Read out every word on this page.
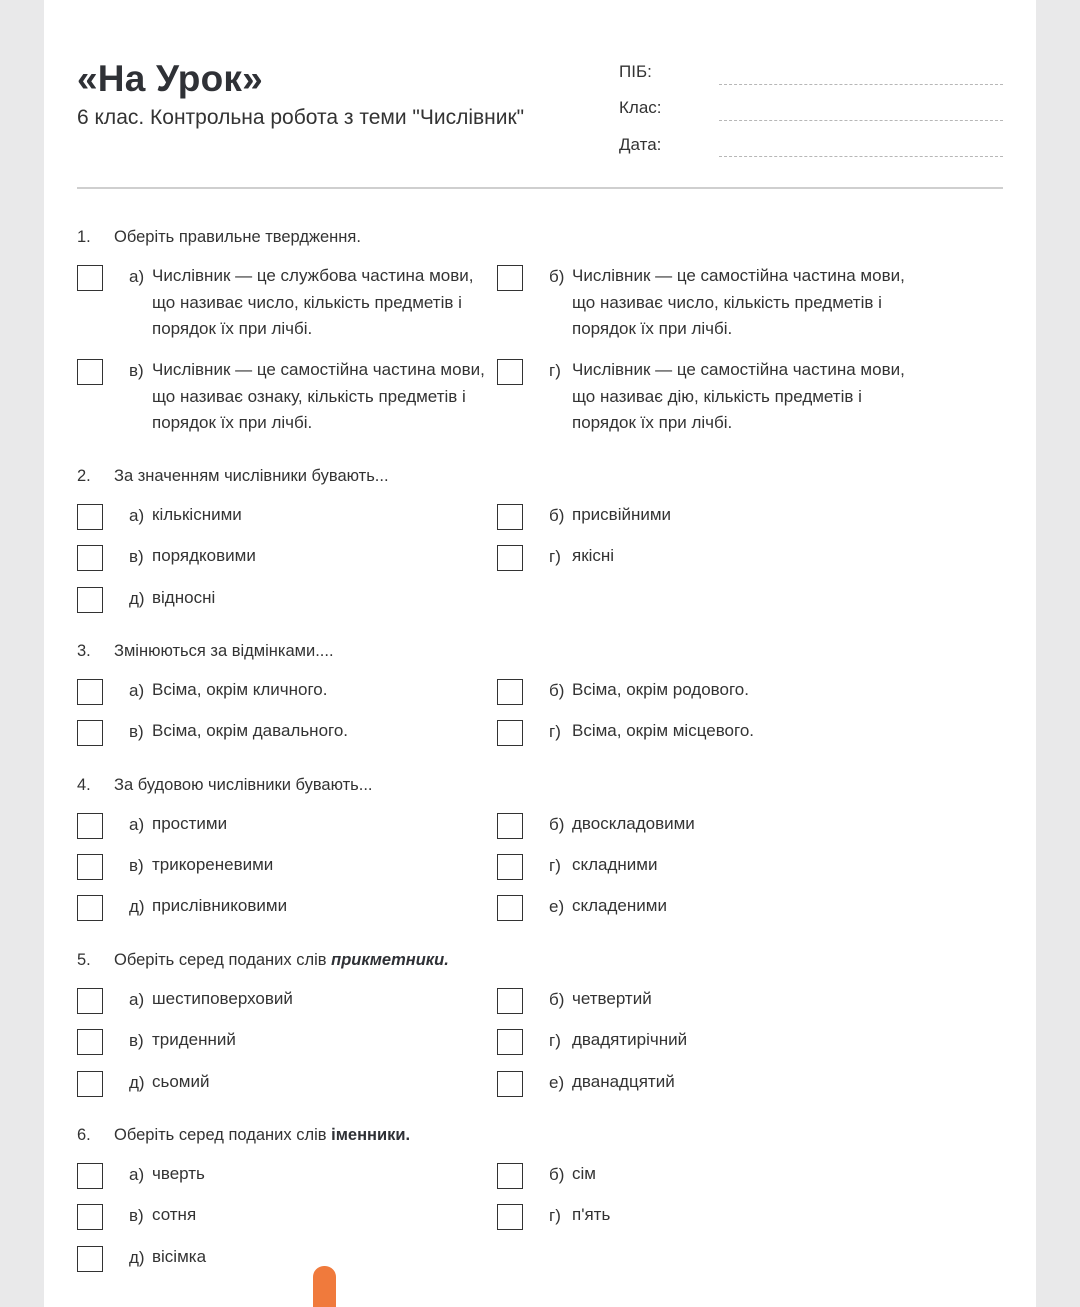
«На Урок»
6 клас. Контрольна робота з теми "Числівник"
ПІБ:
Клас:
Дата:
1. Оберіть правильне твердження.
а) Числівник — це службова частина мови,
що називає число, кількість предметів і
порядок їх при лічбі.
б) Числівник — це самостійна частина мови,
що називає число, кількість предметів і
порядок їх при лічбі.
в) Числівник — це самостійна частина мови,
що називає ознаку, кількість предметів і
порядок їх при лічбі.
г) Числівник — це самостійна частина мови,
що називає дію, кількість предметів і
порядок їх при лічбі.
2. За значенням числівники бувають...
а) кількісними	б) присвійними
в) порядковими	г) якісні
д) відносні
3. Змінюються за відмінками....
а) Всіма, окрім кличного.	б) Всіма, окрім родового.
в) Всіма, окрім давального.	г) Всіма, окрім місцевого.
4. За будовою числівники бувають...
а) простими	б) двоскладовими
в) трикореневими	г) складними
д) прислівниковими	е) складеними
5. Оберіть серед поданих слів прикметники.
а) шестиповерховий	б) четвертий
в) триденний	г) двадятирічний
д) сьомий	е) дванадцятий
6. Оберіть серед поданих слів іменники.
а) чверть	б) сім
в) сотня	г) п'ять
д) вісімка
